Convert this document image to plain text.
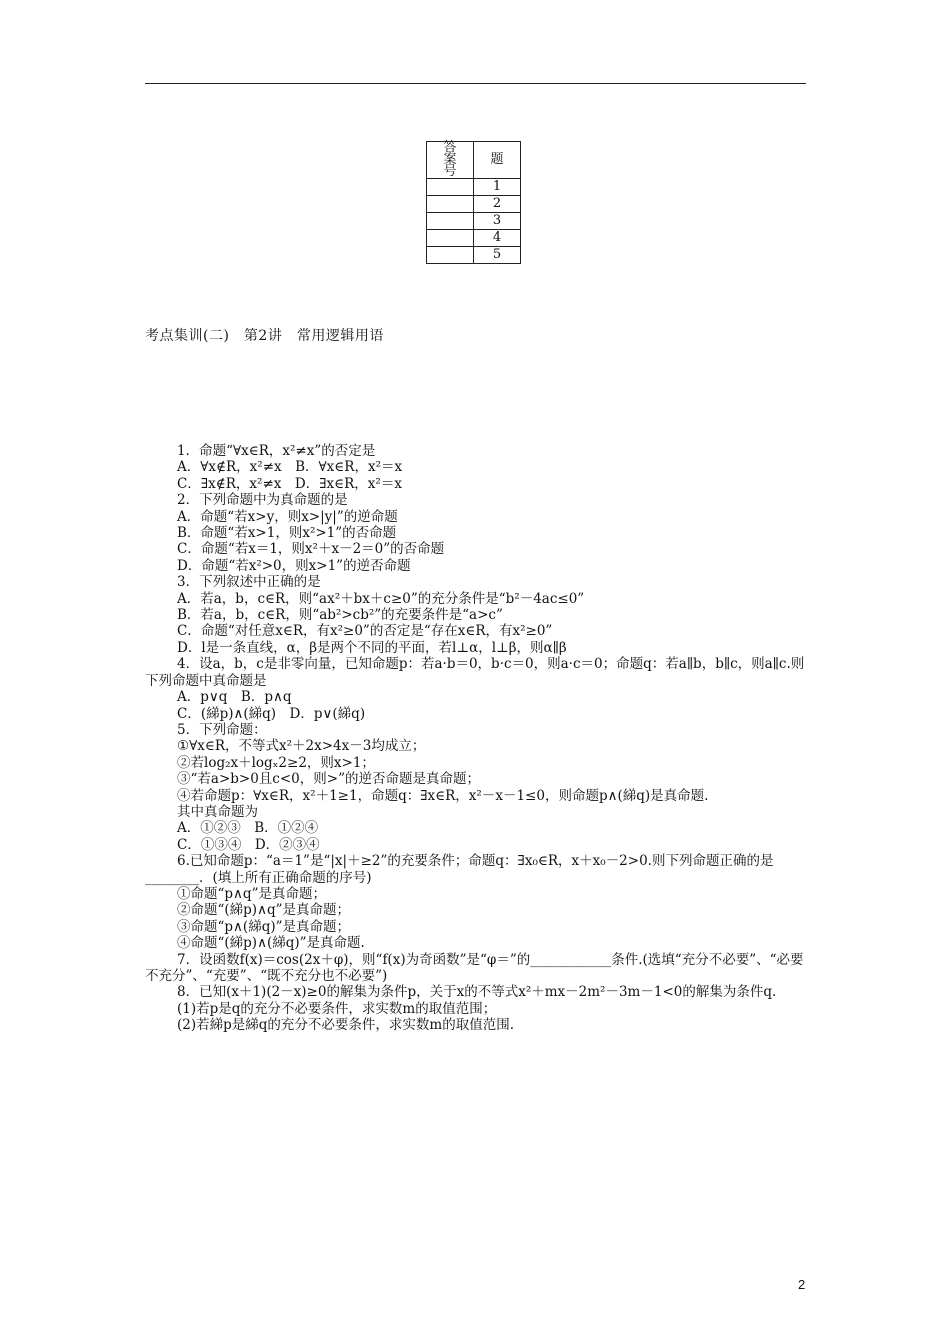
答
案
号	题
	1
	2
	3
	4
	5
考点集训(二)　第2讲　常用逻辑用语
1．命题“∀x∈R，x²≠x”的否定是
A．∀x∉R，x²≠x　B．∀x∈R，x²＝x
C．∃x∉R，x²≠x　D．∃x∈R，x²＝x
2．下列命题中为真命题的是
A．命题“若x>y，则x>|y|”的逆命题
B．命题“若x>1，则x²>1”的否命题
C．命题“若x＝1，则x²＋x－2＝0”的否命题
D．命题“若x²>0，则x>1”的逆否命题
3．下列叙述中正确的是
A．若a，b，c∈R，则“ax²＋bx＋c≥0”的充分条件是“b²－4ac≤0”
B．若a，b，c∈R，则“ab²>cb²”的充要条件是“a>c”
C．命题“对任意x∈R，有x²≥0”的否定是“存在x∈R，有x²≥0”
D．l是一条直线，α，β是两个不同的平面，若l⊥α，l⊥β，则α∥β
4．设a，b，c是非零向量，已知命题p：若a·b＝0，b·c＝0，则a·c＝0；命题q：若a∥b，b∥c，则a∥c.则下列命题中真命题是
A．p∨q　B．p∧q
C．(綈p)∧(綈q)　D．p∨(綈q)
5．下列命题：
①∀x∈R，不等式x²＋2x>4x－3均成立；
②若log₂x＋logₓ2≥2，则x>1；
③“若a>b>0且c<0，则>”的逆否命题是真命题；
④若命题p：∀x∈R，x²＋1≥1，命题q：∃x∈R，x²－x－1≤0，则命题p∧(綈q)是真命题.
其中真命题为
A．①②③　B．①②④
C．①③④　D．②③④
6.已知命题p：“a＝1”是“|x|＋≥2”的充要条件；命题q：∃x₀∈R，x＋x₀－2>0.则下列命题正确的是________．(填上所有正确命题的序号)
①命题“p∧q”是真命题；
②命题“(綈p)∧q”是真命题；
③命题“p∧(綈q)”是真命题；
④命题“(綈p)∧(綈q)”是真命题.
7．设函数f(x)＝cos(2x＋φ)，则“f(x)为奇函数”是“φ＝”的____________条件.(选填“充分不必要”、“必要不充分”、“充要”、“既不充分也不必要”)
8．已知(x＋1)(2－x)≥0的解集为条件p，关于x的不等式x²＋mx－2m²－3m－1<0的解集为条件q.
(1)若p是q的充分不必要条件，求实数m的取值范围；
(2)若綈p是綈q的充分不必要条件，求实数m的取值范围.
2
